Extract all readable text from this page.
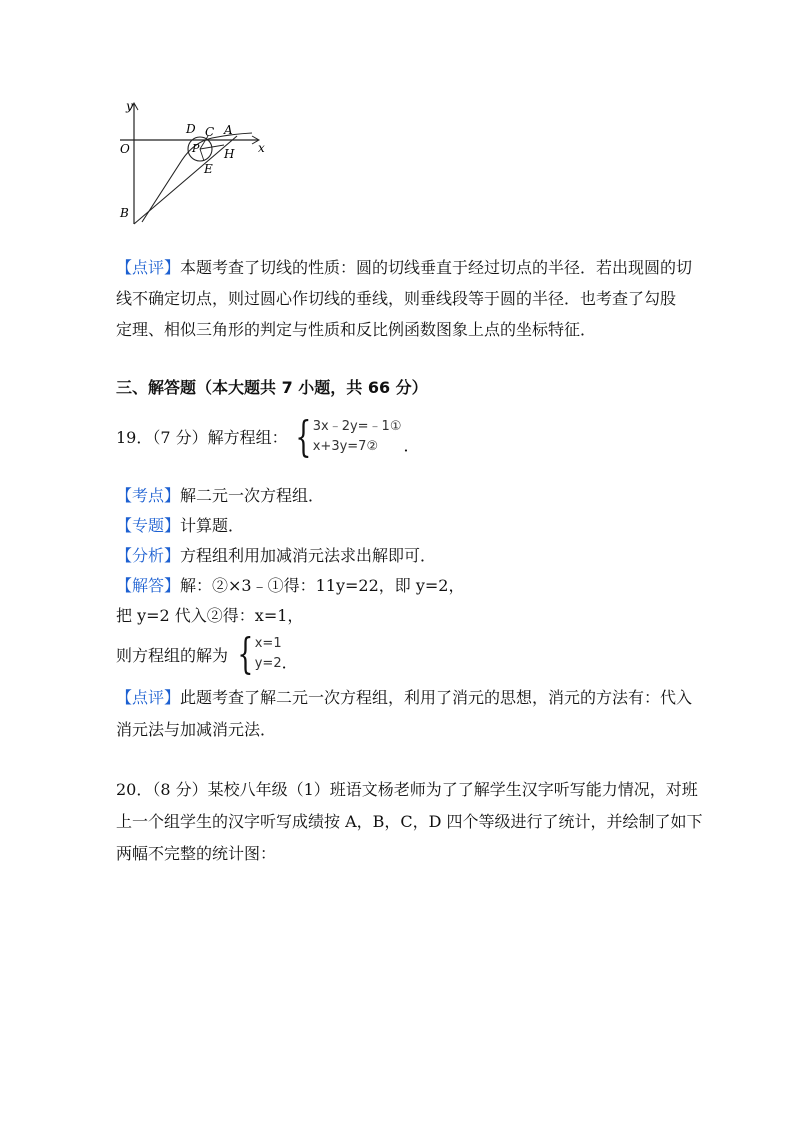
y
x
O
D C A
P H
E
B
【点评】本题考查了切线的性质：圆的切线垂直于经过切点的半径．若出现圆的切
线不确定切点，则过圆心作切线的垂线，则垂线段等于圆的半径．也考查了勾股
定理、相似三角形的判定与性质和反比例函数图象上点的坐标特征．
三、解答题（本大题共 7 小题，共 66 分）
19．（7 分）解方程组： { 3x﹣2y=﹣1①
x+3y=7②	．
【考点】解二元一次方程组．
【专题】计算题．
【分析】方程组利用加减消元法求出解即可．
【解答】解：②×3﹣①得：11y=22，即 y=2，
把 y=2 代入②得：x=1，
则方程组的解为 { x=1
y=2 ．
【点评】此题考查了解二元一次方程组，利用了消元的思想，消元的方法有：代入
消元法与加减消元法．
20．（8 分）某校八年级（1）班语文杨老师为了了解学生汉字听写能力情况，对班
上一个组学生的汉字听写成绩按 A，B，C，D 四个等级进行了统计，并绘制了如下
两幅不完整的统计图：
